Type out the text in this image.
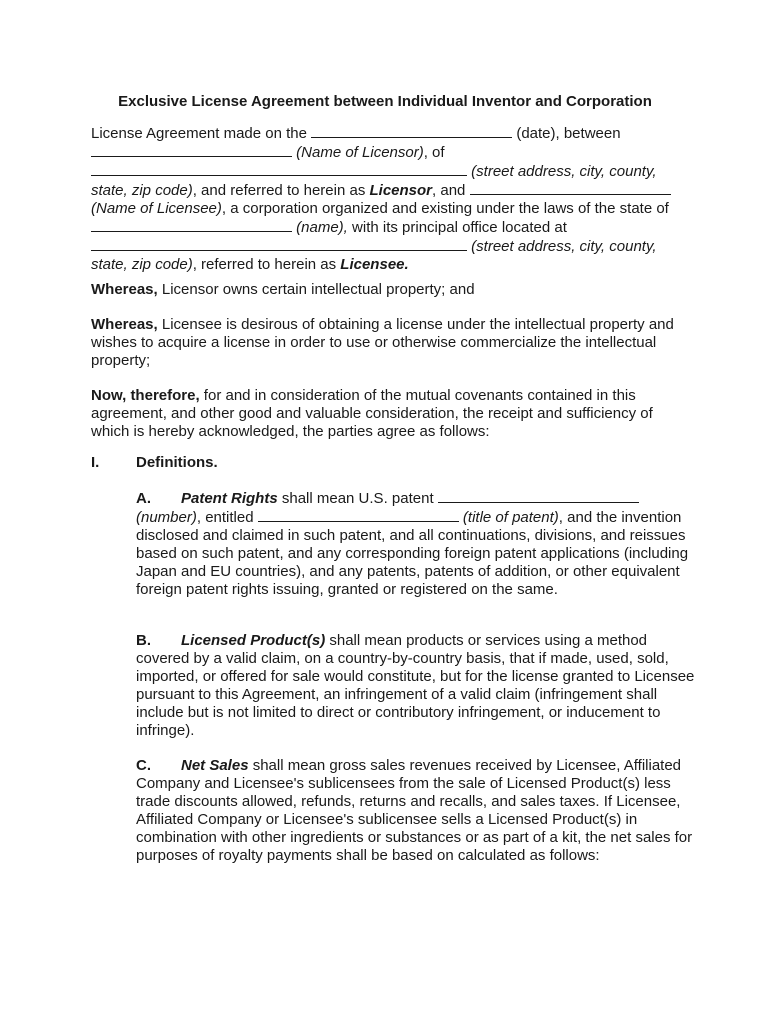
Exclusive License Agreement between Individual Inventor and Corporation

License Agreement made on the	(date), between  (Name of Licensor), of  (street address, city, county, state, zip code), and referred to herein as Licensor, and  (Name of Licensee), a corporation organized and existing under the laws of the state of  (name), with its principal office located at  (street address, city, county, state, zip code), referred to herein as Licensee.

Whereas, Licensor owns certain intellectual property; and

Whereas, Licensee is desirous of obtaining a license under the intellectual property and wishes to acquire a license in order to use or otherwise commercialize the intellectual property;

Now, therefore, for and in consideration of the mutual covenants contained in this agreement, and other good and valuable consideration, the receipt and sufficiency of which is hereby acknowledged, the parties agree as follows:

I. Definitions.

A. Patent Rights shall mean U.S. patent  (number), entitled	(title of patent), and the invention disclosed and claimed in such patent, and all continuations, divisions, and reissues based on such patent, and any corresponding foreign patent applications (including Japan and EU countries), and any patents, patents of addition, or other equivalent foreign patent rights issuing, granted or registered on the same.

B. Licensed Product(s) shall mean products or services using a method covered by a valid claim, on a country-by-country basis, that if made, used, sold, imported, or offered for sale would constitute, but for the license granted to Licensee pursuant to this Agreement, an infringement of a valid claim (infringement shall include but is not limited to direct or contributory infringement, or inducement to infringe).

C. Net Sales shall mean gross sales revenues received by Licensee, Affiliated Company and Licensee's sublicensees from the sale of Licensed Product(s) less trade discounts allowed, refunds, returns and recalls, and sales taxes. If Licensee, Affiliated Company or Licensee's sublicensee sells a Licensed Product(s) in combination with other ingredients or substances or as part of a kit, the net sales for purposes of royalty payments shall be based on calculated as follows:
